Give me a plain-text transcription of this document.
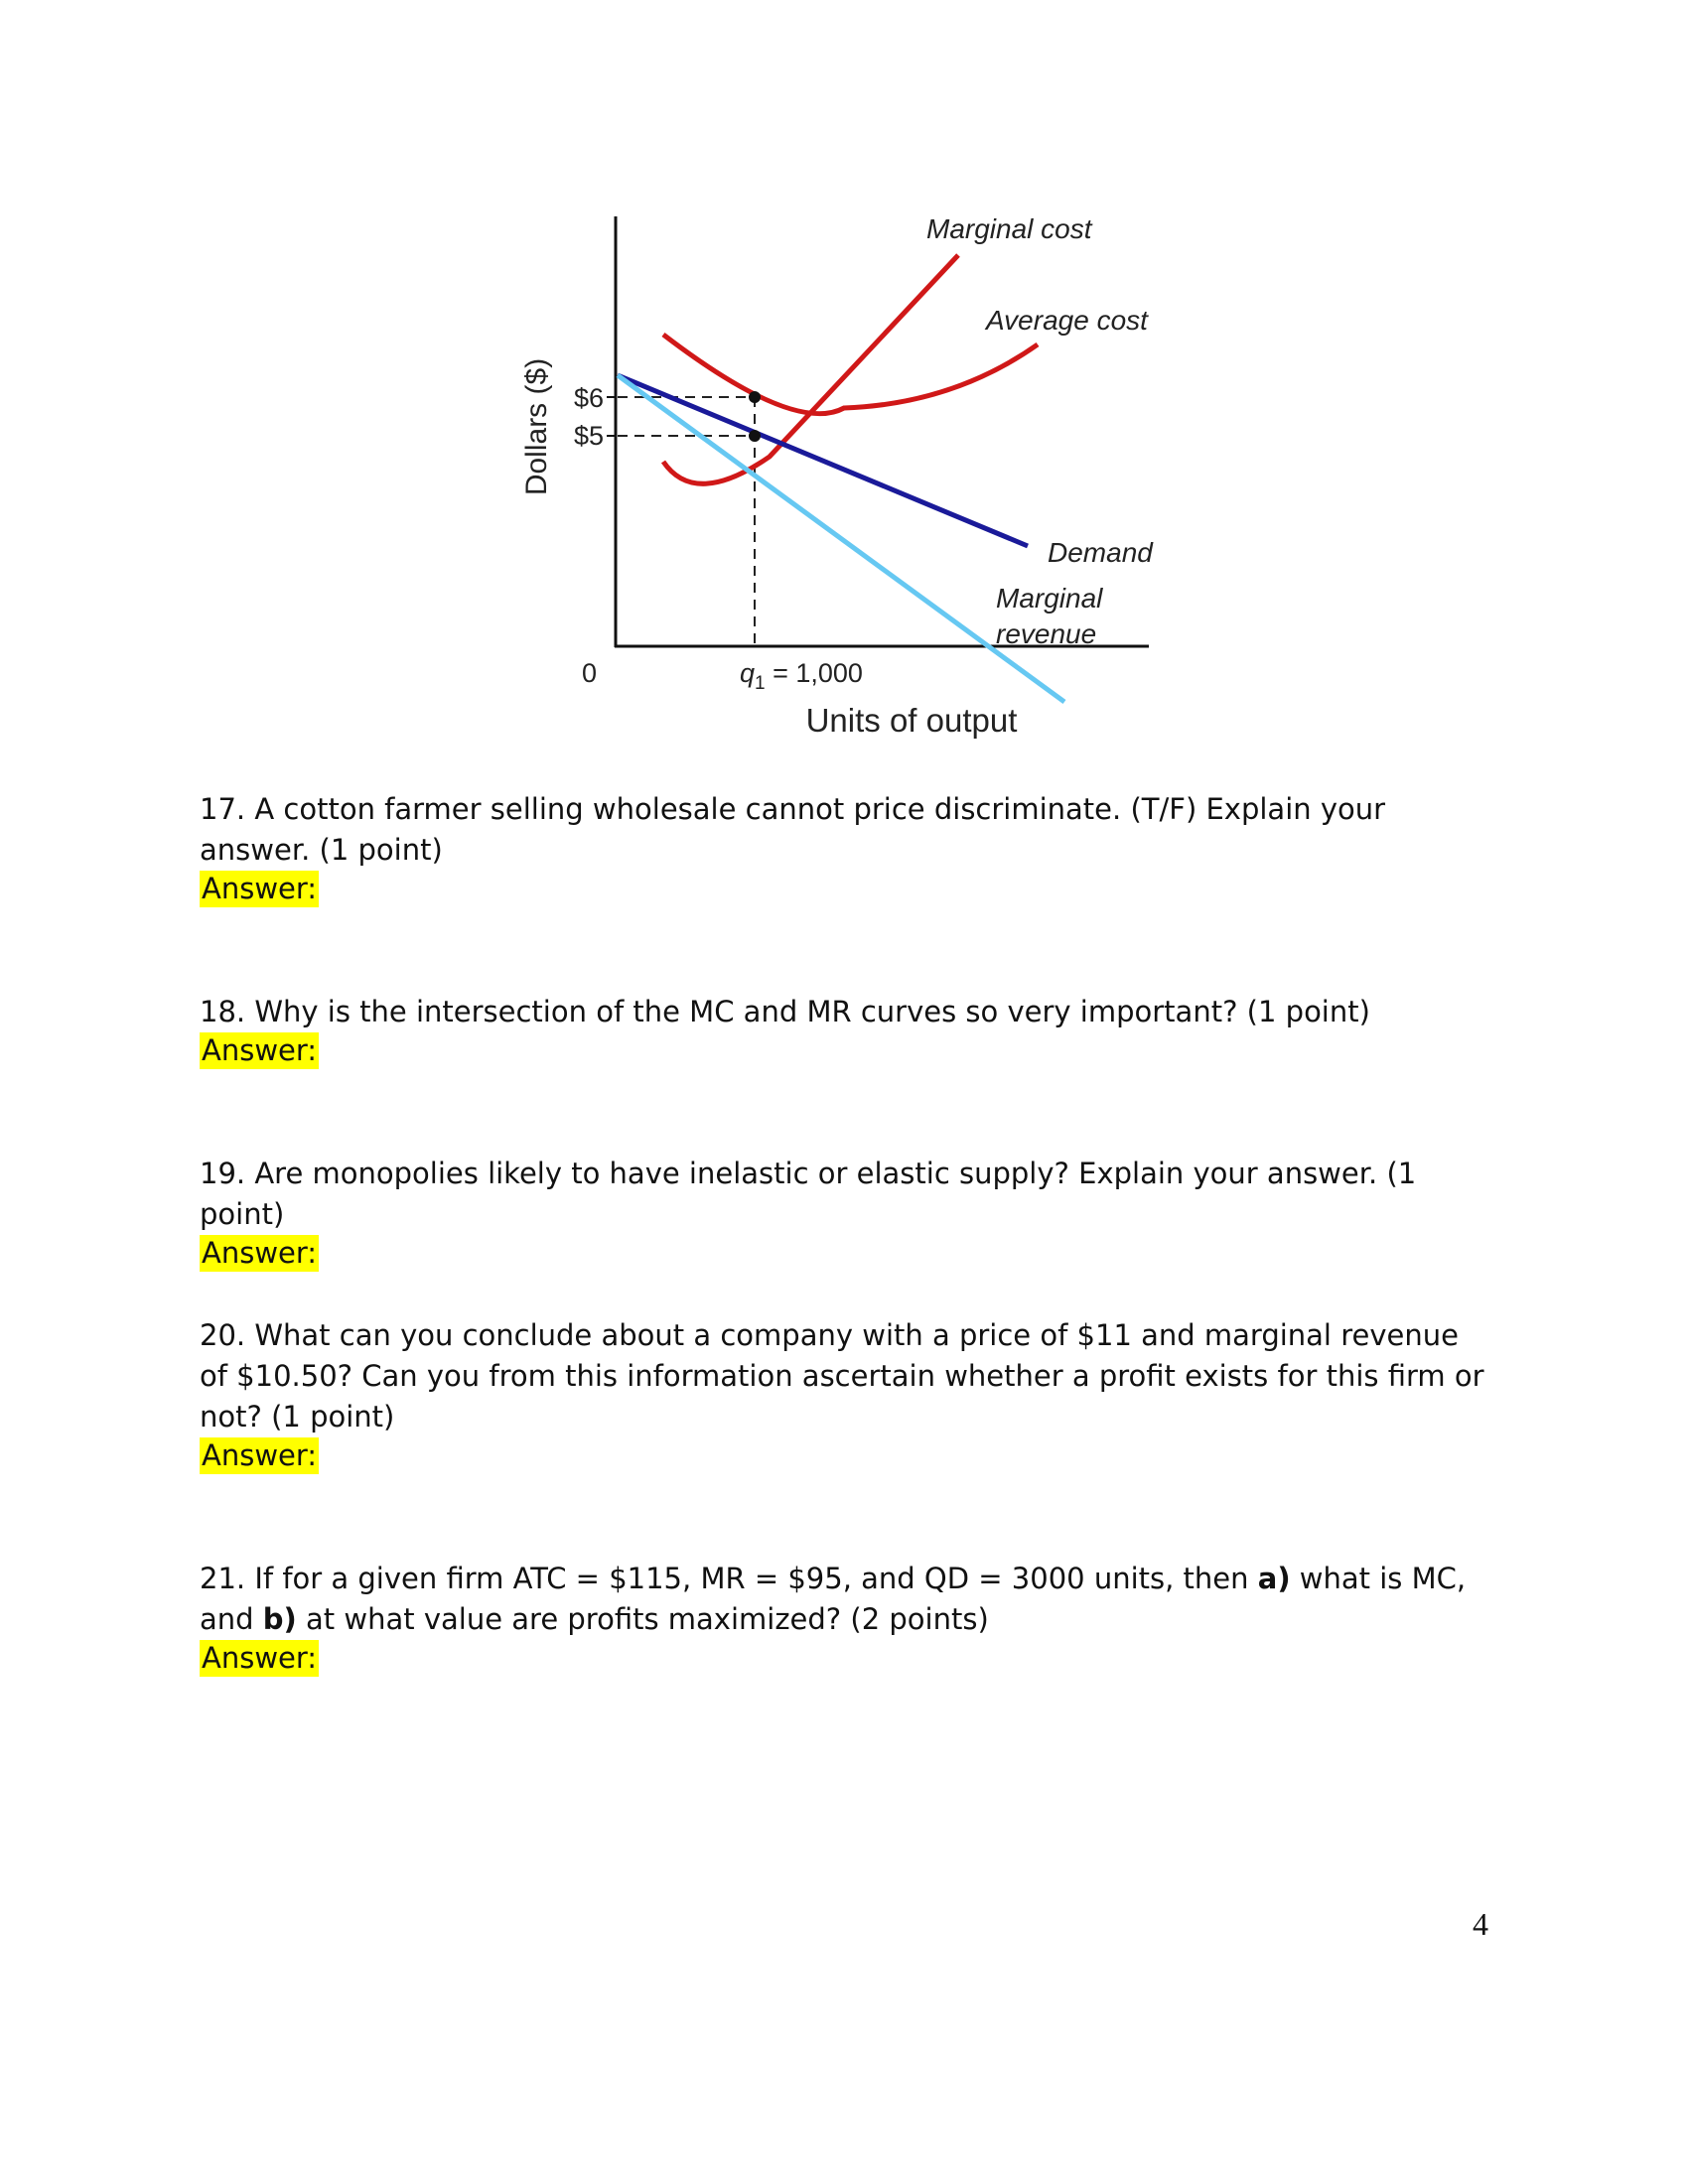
$6
$5
0
Dollars ($)
Units of output
$q_1 = 1,000$
Marginal cost
Average cost
Demand
Marginal
revenue
17. A cotton farmer selling wholesale cannot price discriminate. (T/F) Explain your answer. (1 point)
Answer:
18. Why is the intersection of the MC and MR curves so very important? (1 point)
Answer:
19. Are monopolies likely to have inelastic or elastic supply? Explain your answer. (1 point)
Answer:
20. What can you conclude about a company with a price of $11 and marginal revenue of $10.50? Can you from this information ascertain whether a profit exists for this firm or not? (1 point)
Answer:
21. If for a given firm ATC = $115, MR = $95, and QD = 3000 units, then a) what is MC, and b) at what value are profits maximized? (2 points)
Answer:
4
